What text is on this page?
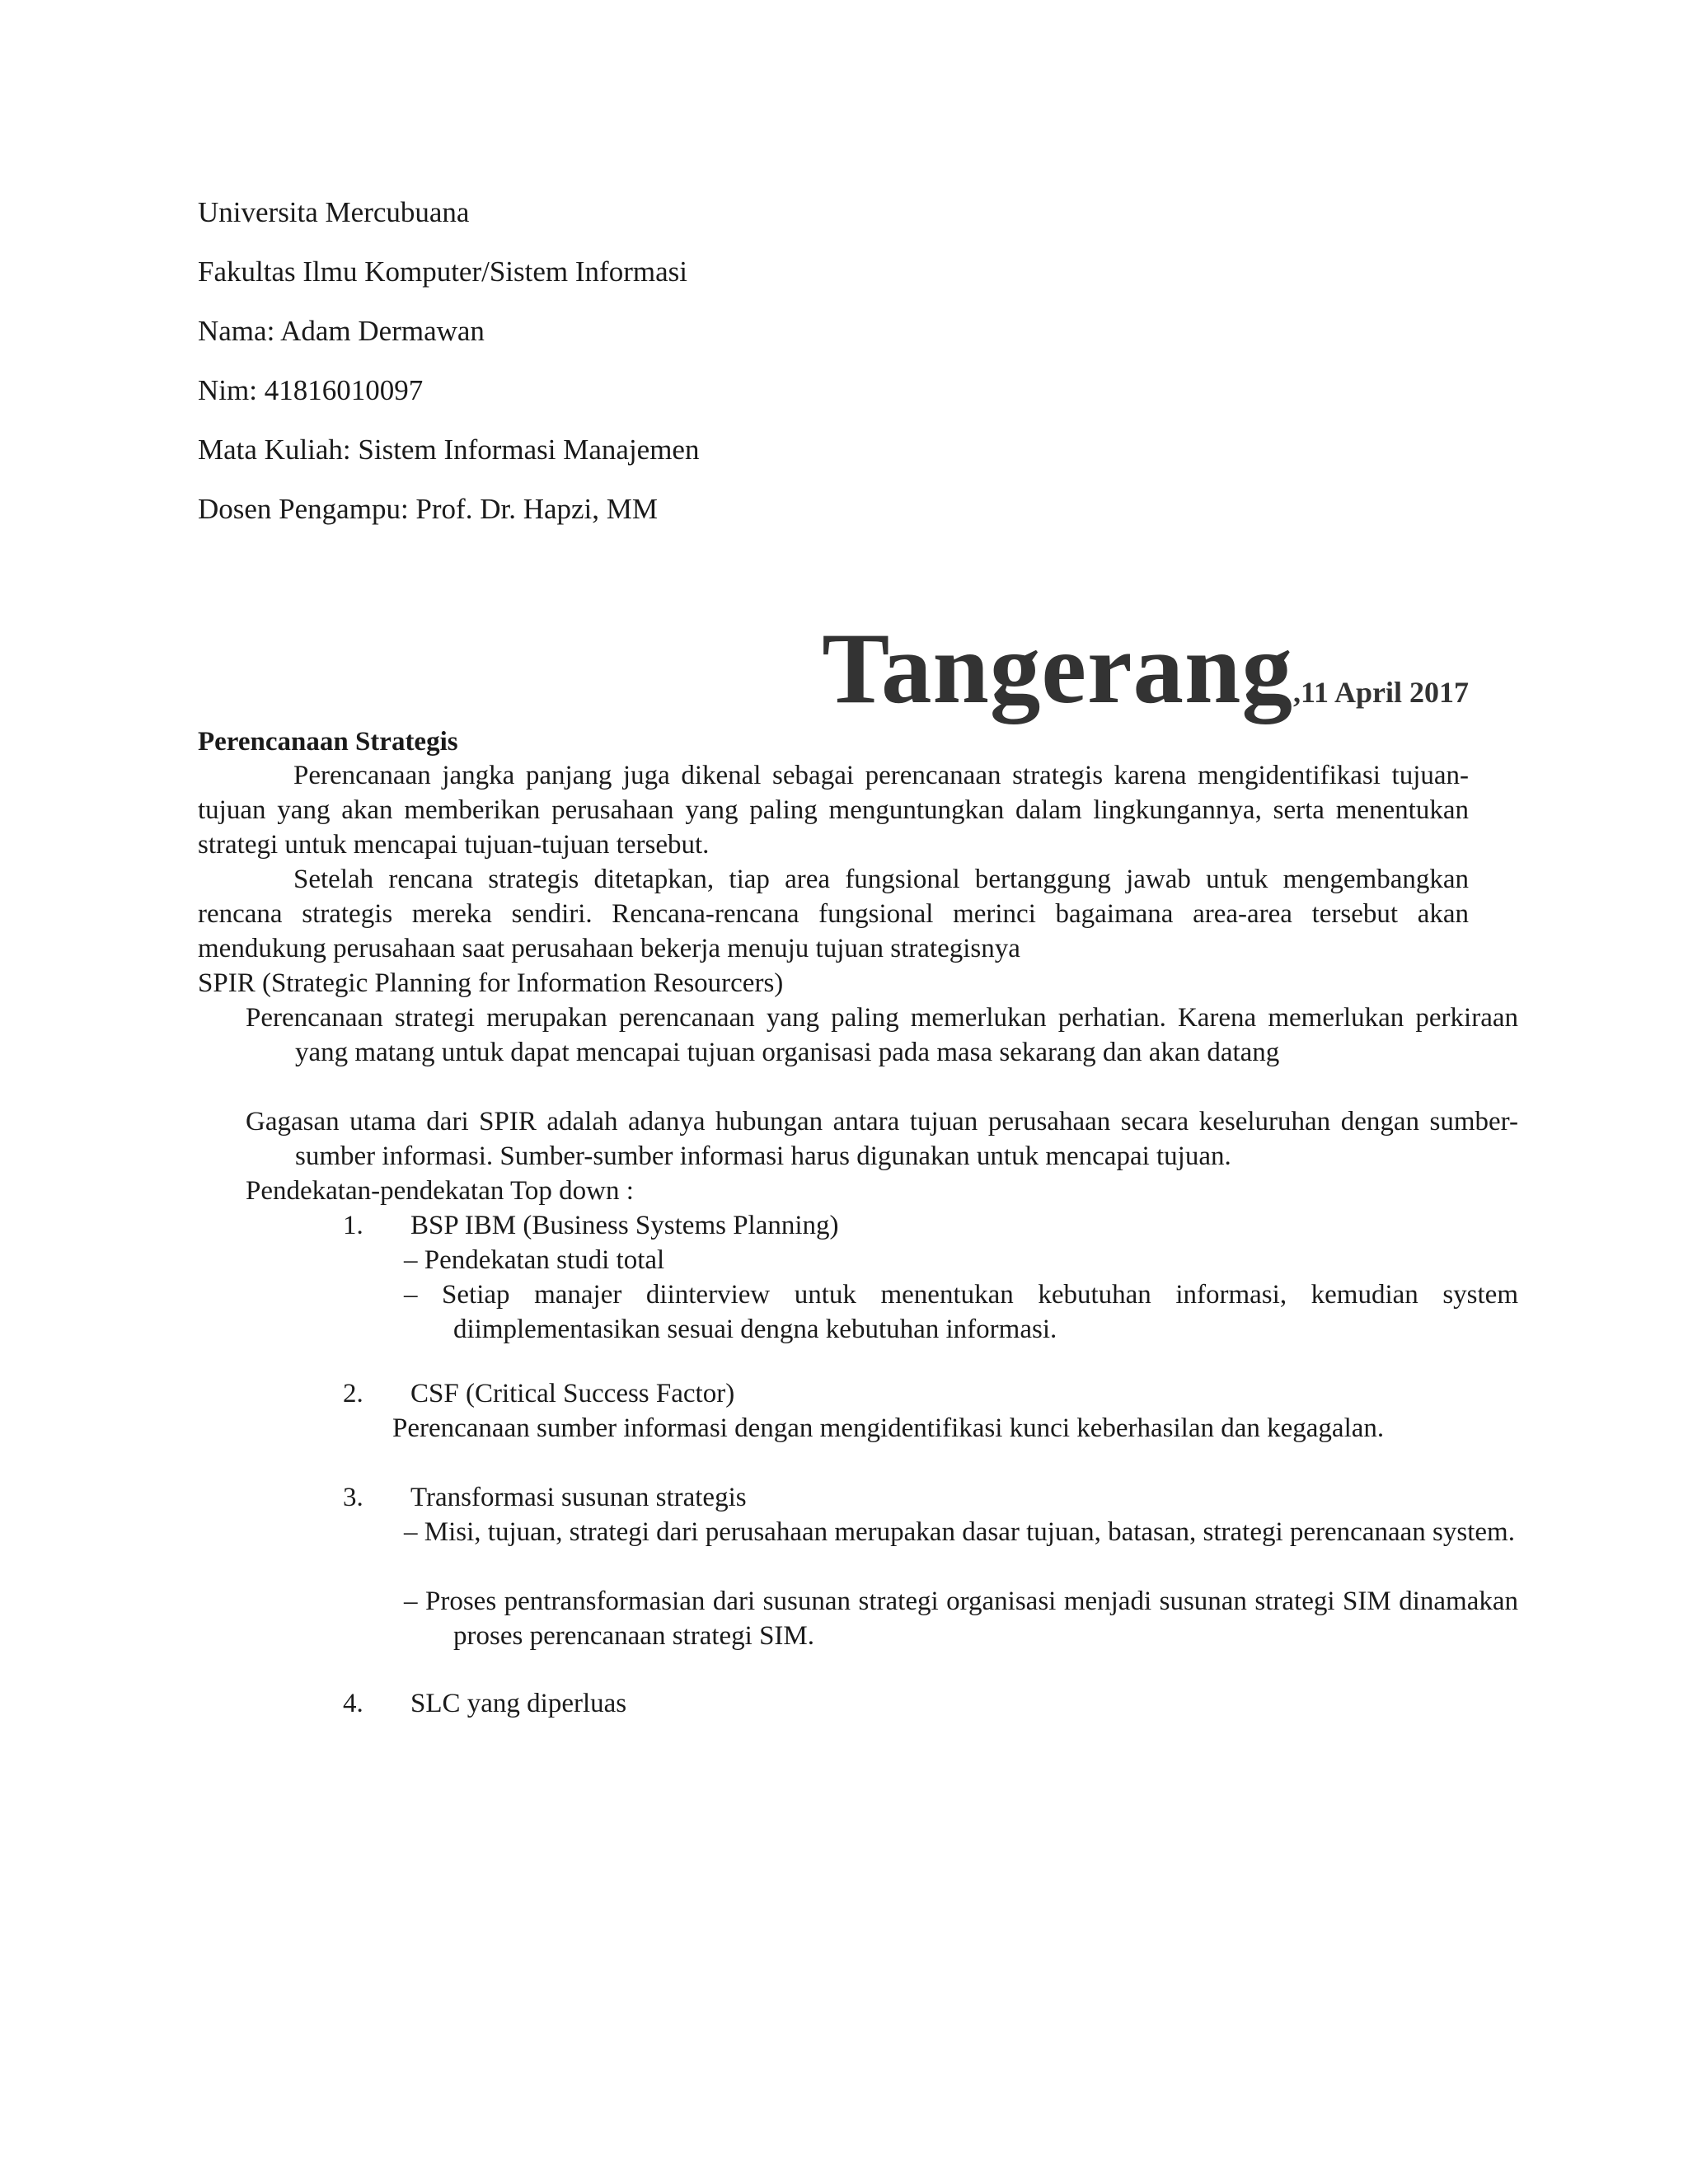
Universita Mercubuana
Fakultas Ilmu Komputer/Sistem Informasi
Nama: Adam Dermawan
Nim: 41816010097
Mata Kuliah: Sistem Informasi Manajemen
Dosen Pengampu: Prof. Dr. Hapzi, MM
Tangerang,11 April 2017
Perencanaan Strategis

Perencanaan jangka panjang juga dikenal sebagai perencanaan strategis karena mengidentifikasi tujuan-tujuan yang akan memberikan perusahaan yang paling menguntungkan dalam lingkungannya, serta menentukan strategi untuk mencapai tujuan-tujuan tersebut.

Setelah rencana strategis ditetapkan, tiap area fungsional bertanggung jawab untuk mengembangkan rencana strategis mereka sendiri. Rencana-rencana fungsional merinci bagaimana area-area tersebut akan mendukung perusahaan saat perusahaan bekerja menuju tujuan strategisnya

SPIR (Strategic Planning for Information Resourcers)

Perencanaan strategi merupakan perencanaan yang paling memerlukan perhatian. Karena memerlukan perkiraan yang matang untuk dapat mencapai tujuan organisasi pada masa sekarang dan akan datang

Gagasan utama dari SPIR adalah adanya hubungan antara tujuan perusahaan secara keseluruhan dengan sumber-sumber informasi. Sumber-sumber informasi harus digunakan untuk mencapai tujuan.

Pendekatan-pendekatan Top down :
1. BSP IBM (Business Systems Planning)
– Pendekatan studi total

– Setiap manajer diinterview untuk menentukan kebutuhan informasi, kemudian system diimplementasikan sesuai dengna kebutuhan informasi.

2. CSF (Critical Success Factor)
Perencanaan sumber informasi dengan mengidentifikasi kunci keberhasilan dan kegagalan.
3. Transformasi susunan strategis

– Misi, tujuan, strategi dari perusahaan merupakan dasar tujuan, batasan, strategi perencanaan system.

– Proses pentransformasian dari susunan strategi organisasi menjadi susunan strategi SIM dinamakan proses perencanaan strategi SIM.

4. SLC yang diperluas
